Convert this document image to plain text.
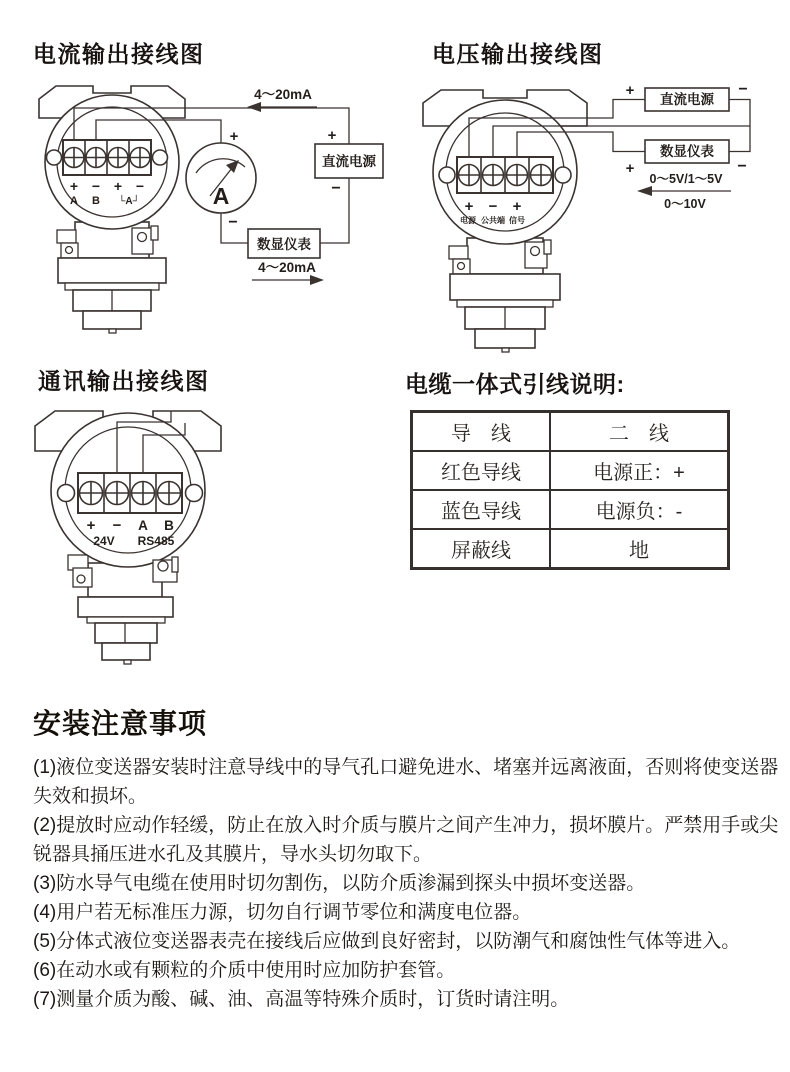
电流输出接线图
+ − + −
A B └A┘	A
+
−
直流电源
+
−
数显仪表
4～20mA
4～20mA
电压输出接线图
+ − +
电源 公共端 信号
直流电源
+	−
数显仪表
+	−
0～5V/1～5V
0～10V
通讯输出接线图
+ − A B
24V RS485
电缆一体式引线说明:
导　线	二　线
红色导线	电源正：+
蓝色导线	电源负：-
屏蔽线	地
安装注意事项

(1)液位变送器安装时注意导线中的导气孔口避免进水、堵塞并远离液面，否则将使变送器失效和损坏。

(2)提放时应动作轻缓，防止在放入时介质与膜片之间产生冲力，损坏膜片。严禁用手或尖锐器具捅压进水孔及其膜片，导水头切勿取下。

(3)防水导气电缆在使用时切勿割伤，以防介质渗漏到探头中损坏变送器。

(4)用户若无标准压力源，切勿自行调节零位和满度电位器。

(5)分体式液位变送器表壳在接线后应做到良好密封，以防潮气和腐蚀性气体等进入。

(6)在动水或有颗粒的介质中使用时应加防护套管。

(7)测量介质为酸、碱、油、高温等特殊介质时，订货时请注明。
